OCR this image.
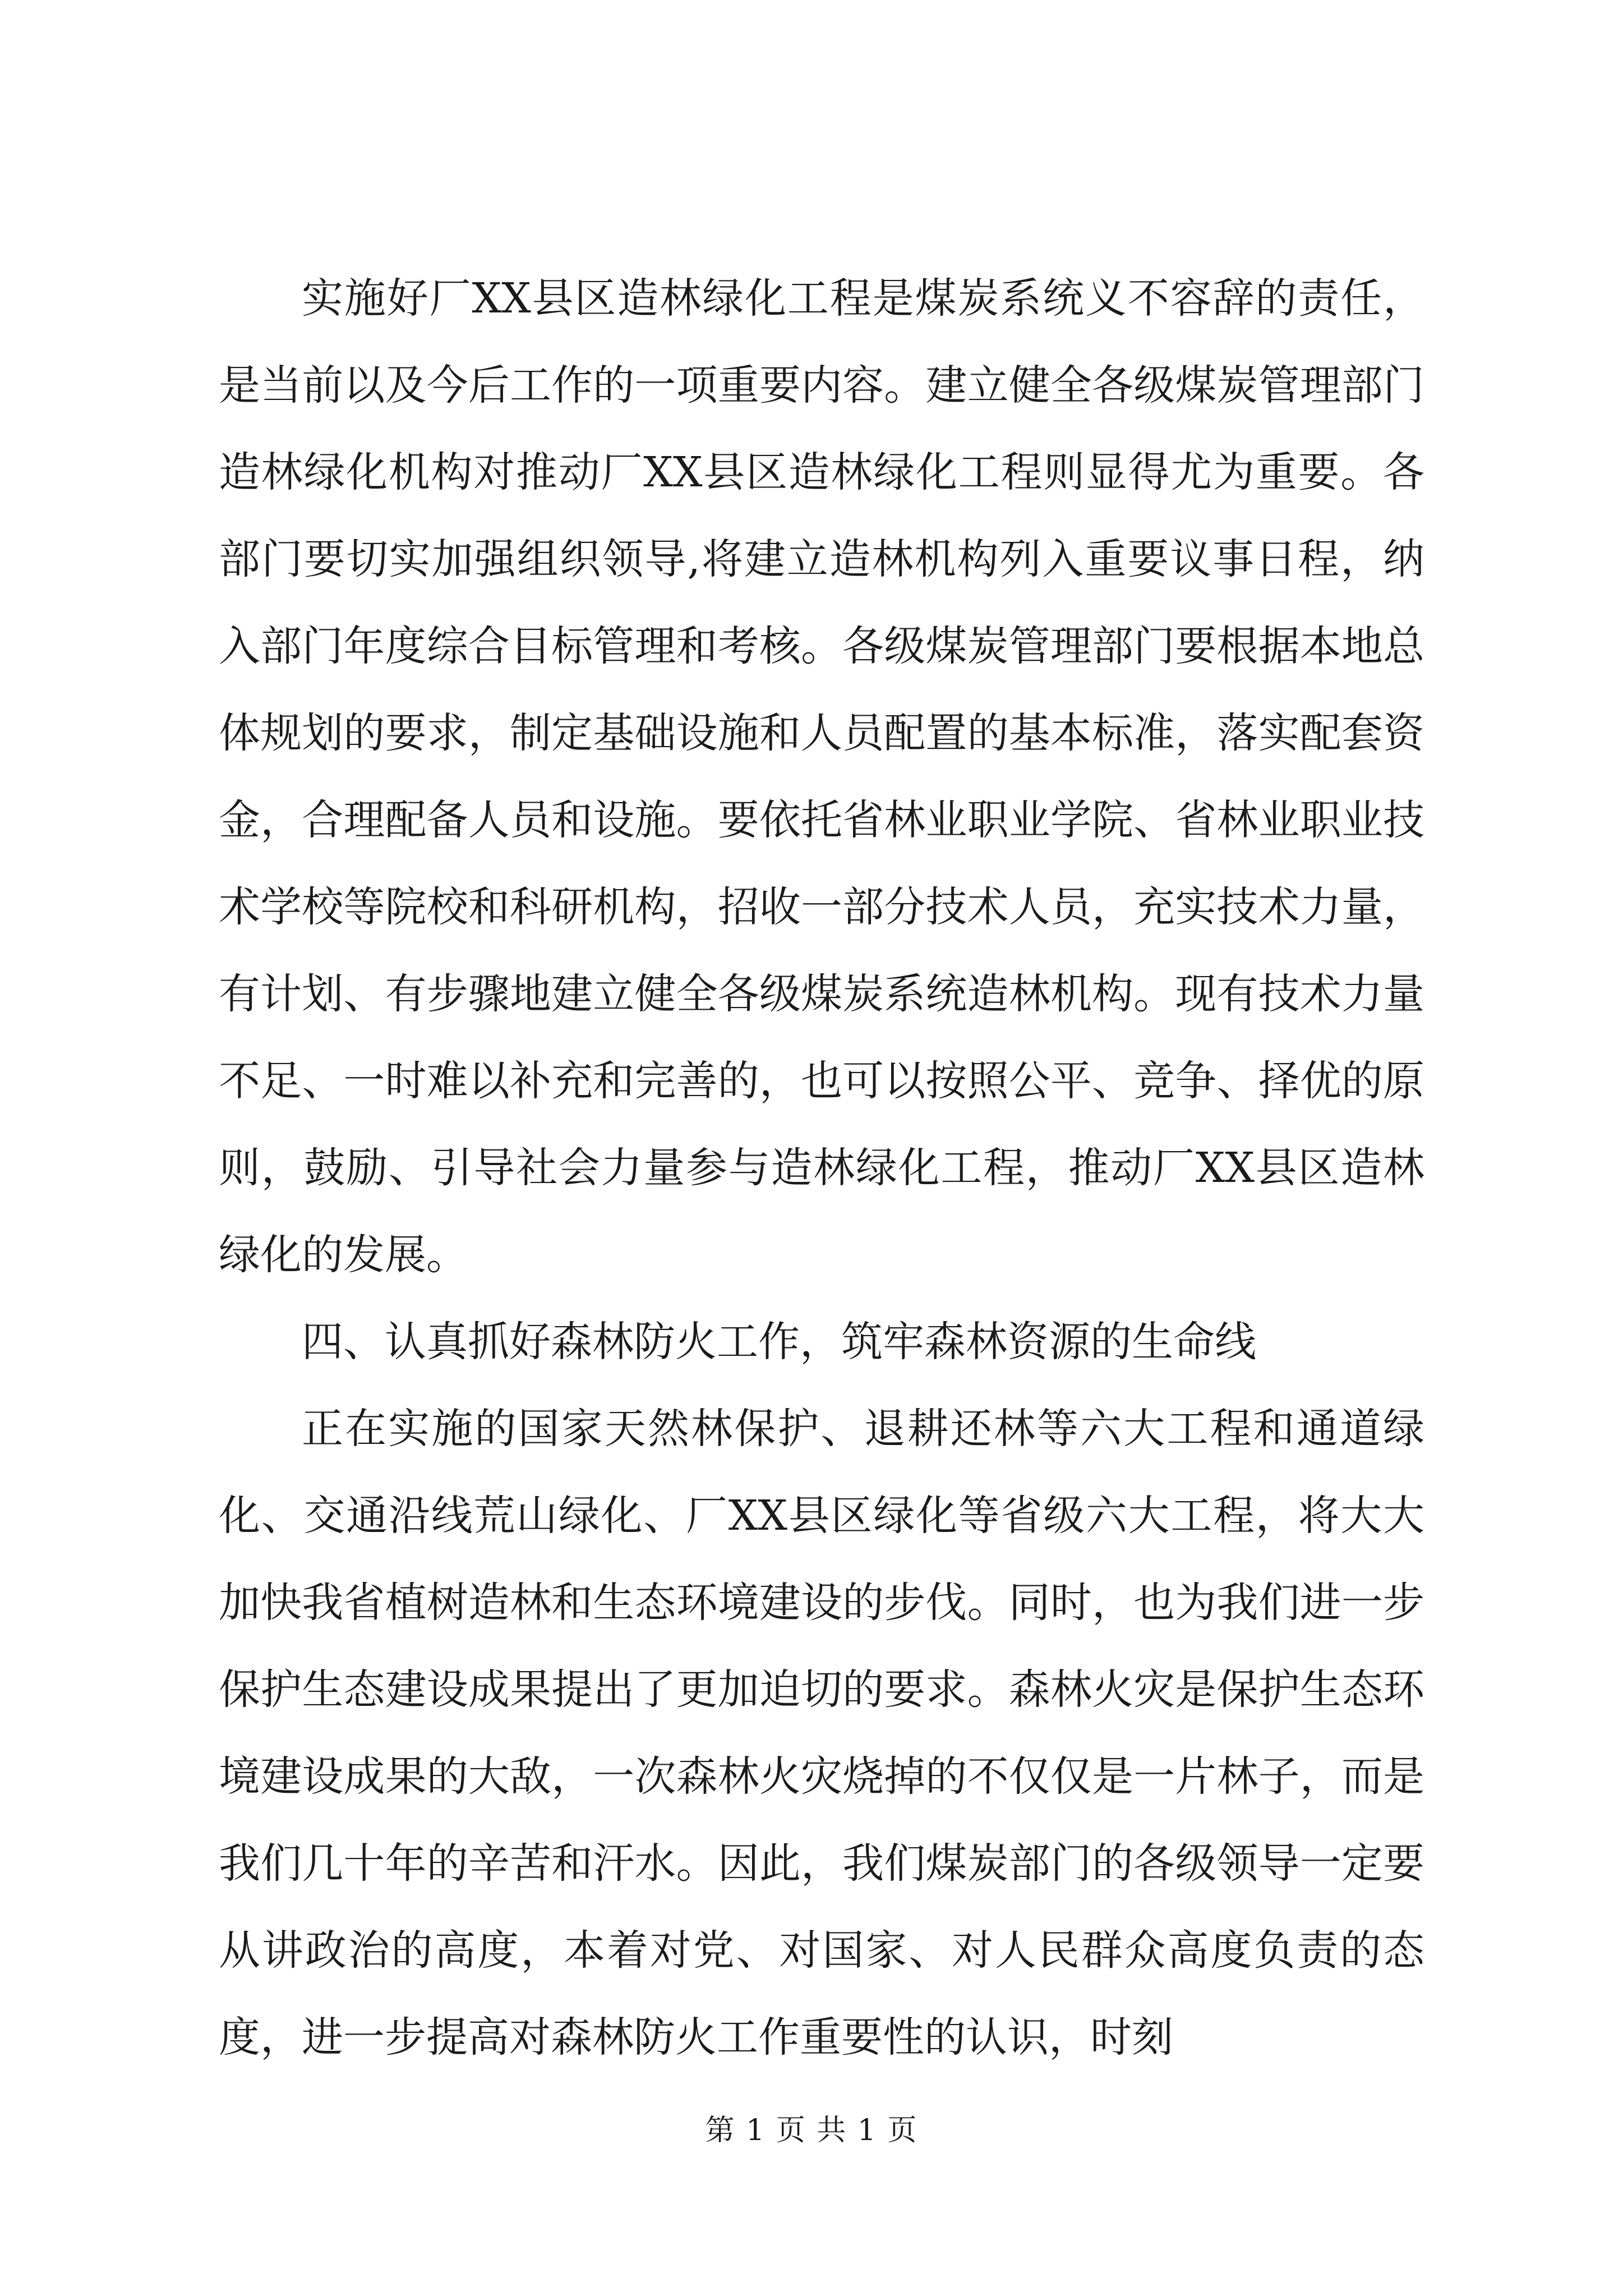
实施好厂XX县区造林绿化工程是煤炭系统义不容辞的责任，是当前以及今后工作的一项重要内容。建立健全各级煤炭管理部门造林绿化机构对推动厂XX县区造林绿化工程则显得尤为重要。各部门要切实加强组织领导,将建立造林机构列入重要议事日程，纳入部门年度综合目标管理和考核。各级煤炭管理部门要根据本地总体规划的要求，制定基础设施和人员配置的基本标准，落实配套资金，合理配备人员和设施。要依托省林业职业学院、省林业职业技术学校等院校和科研机构，招收一部分技术人员，充实技术力量，有计划、有步骤地建立健全各级煤炭系统造林机构。现有技术力量不足、一时难以补充和完善的，也可以按照公平、竞争、择优的原则，鼓励、引导社会力量参与造林绿化工程，推动厂XX县区造林绿化的发展。

四、认真抓好森林防火工作，筑牢森林资源的生命线

正在实施的国家天然林保护、退耕还林等六大工程和通道绿化、交通沿线荒山绿化、厂XX县区绿化等省级六大工程，将大大加快我省植树造林和生态环境建设的步伐。同时，也为我们进一步保护生态建设成果提出了更加迫切的要求。森林火灾是保护生态环境建设成果的大敌，一次森林火灾烧掉的不仅仅是一片林子，而是我们几十年的辛苦和汗水。因此，我们煤炭部门的各级领导一定要从讲政治的高度，本着对党、对国家、对人民群众高度负责的态度，进一步提高对森林防火工作重要性的认识，时刻

第 1 页 共 1 页
